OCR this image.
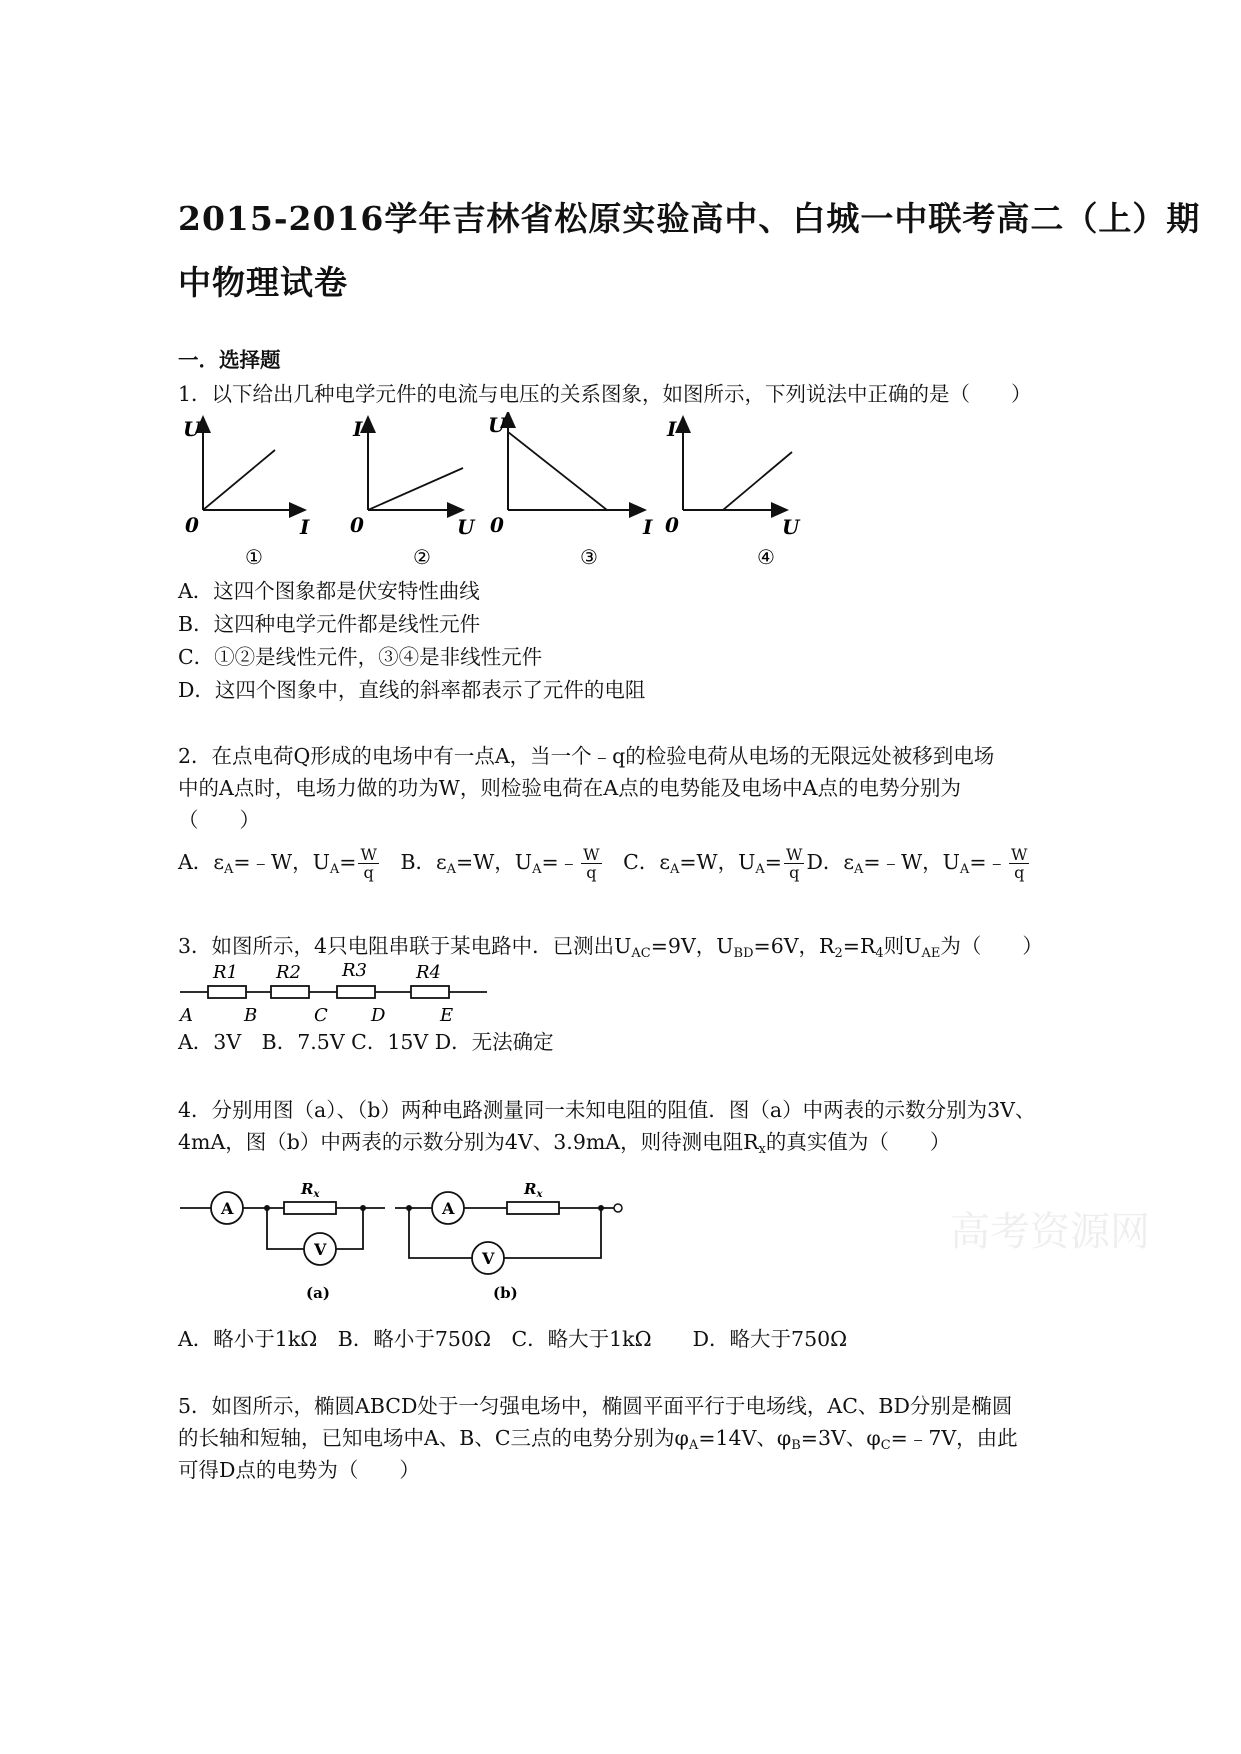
2015-2016学年吉林省松原实验高中、白城一中联考高二（上）期
中物理试卷
一．选择题
1．以下给出几种电学元件的电流与电压的关系图象，如图所示，下列说法中正确的是（　　）
U
0	I
①
I
0	U
②
U
0	I
③
I
0	U
④
A．这四个图象都是伏安特性曲线
B．这四种电学元件都是线性元件
C．①②是线性元件，③④是非线性元件
D．这四个图象中，直线的斜率都表示了元件的电阻
2．在点电荷Q形成的电场中有一点A，当一个﹣q的检验电荷从电场的无限远处被移到电场
中的A点时，电场力做的功为W，则检验电荷在A点的电势能及电场中A点的电势分别为
（　　）
A．$\varepsilon_A=﹣W$，$U_A= \frac{W}{q}$ B．$\varepsilon_A=W$，$U_A=﹣ \frac{W}{q}$ C．$\varepsilon_A=W$，$U_A= \frac{W}{q}$ D．$\varepsilon_A=﹣W$，$U_A=﹣ \frac{W}{q}$
3．如图所示，4只电阻串联于某电路中．已测出$U_{AC}=9V$，$U_{BD}=6V$，$R_2=R_4$则$U_{AE}$为（　　）
R1 R2 R3	R4
A	B	C D	E
A．3V　B．7.5V C．15V D．无法确定
4．分别用图（a）、（b）两种电路测量同一未知电阻的阻值．图（a）中两表的示数分别为3V、
4mA，图（b）中两表的示数分别为4V、3.9mA，则待测电阻$R_x$的真实值为（　　）
A
$R_x$
V
(a)
A
$R_x$
V
(b)
高考资源网
A．略小于1kΩ　B．略小于750Ω　C．略大于1kΩ　　D．略大于750Ω
5．如图所示，椭圆ABCD处于一匀强电场中，椭圆平面平行于电场线，AC、BD分别是椭圆
的长轴和短轴，已知电场中A、B、C三点的电势分别为$\varphi_A=14V$、$\varphi_B=3V$、$\varphi_C=﹣7V$，由此
可得D点的电势为（　　）
